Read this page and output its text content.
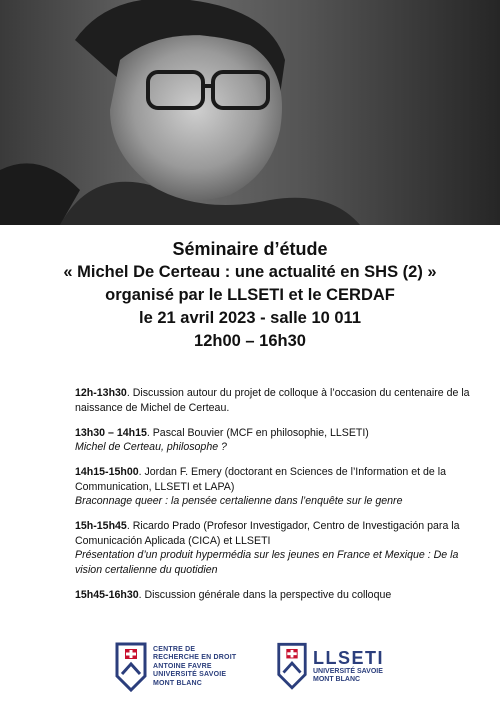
Séminaire d’étude
« Michel De Certeau : une actualité en SHS (2) »
organisé par le LLSETI et le CERDAF
le 21 avril 2023 - salle 10 011
12h00 – 16h30
12h-13h30. Discussion autour du projet de colloque à l’occasion du centenaire de la naissance de Michel de Certeau.
13h30 – 14h15. Pascal Bouvier (MCF en philosophie, LLSETI)
Michel de Certeau, philosophe ?
14h15-15h00. Jordan F. Emery (doctorant en Sciences de l’Information et de la Communication, LLSETI et LAPA)
Braconnage queer : la pensée certalienne dans l’enquête sur le genre
15h-15h45. Ricardo Prado (Profesor Investigador, Centro de Investigación para la Comunicación Aplicada (CICA) et LLSETI
Présentation d’un produit hypermédia sur les jeunes en France et Mexique : De la vision certalienne du quotidien
15h45-16h30. Discussion générale dans la perspective du colloque
CENTRE DE
RECHERCHE EN DROIT
ANTOINE FAVRE
UNIVERSITÉ SAVOIE
MONT BLANC
LLSETI
UNIVERSITÉ SAVOIE
MONT BLANC
